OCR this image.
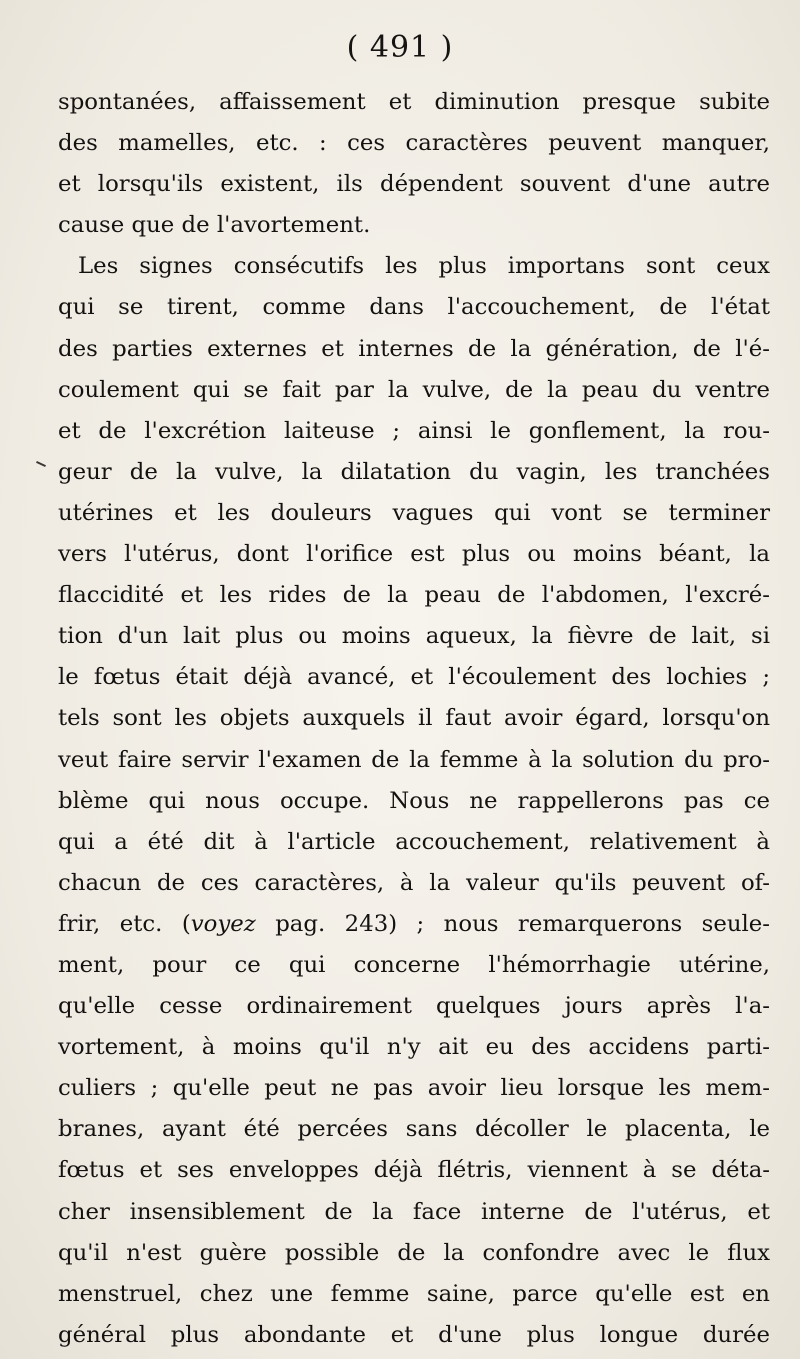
( 491 )
spontanées, affaissement et diminution presque subite
des mamelles, etc. : ces caractères peuvent manquer,
et lorsqu'ils existent, ils dépendent souvent d'une autre
cause que de l'avortement.
Les signes consécutifs les plus importans sont ceux
qui se tirent, comme dans l'accouchement, de l'état
des parties externes et internes de la génération, de l'é-
coulement qui se fait par la vulve, de la peau du ventre
et de l'excrétion laiteuse ; ainsi le gonflement, la rou-
geur de la vulve, la dilatation du vagin, les tranchées
utérines et les douleurs vagues qui vont se terminer
vers l'utérus, dont l'orifice est plus ou moins béant, la
flaccidité et les rides de la peau de l'abdomen, l'excré-
tion d'un lait plus ou moins aqueux, la fièvre de lait, si
le fœtus était déjà avancé, et l'écoulement des lochies ;
tels sont les objets auxquels il faut avoir égard, lorsqu'on
veut faire servir l'examen de la femme à la solution du pro-
blème qui nous occupe. Nous ne rappellerons pas ce
qui a été dit à l'article accouchement, relativement à
chacun de ces caractères, à la valeur qu'ils peuvent of-
frir, etc. (voyez pag. 243) ; nous remarquerons seule-
ment, pour ce qui concerne l'hémorrhagie utérine,
qu'elle cesse ordinairement quelques jours après l'a-
vortement, à moins qu'il n'y ait eu des accidens parti-
culiers ; qu'elle peut ne pas avoir lieu lorsque les mem-
branes, ayant été percées sans décoller le placenta, le
fœtus et ses enveloppes déjà flétris, viennent à se déta-
cher insensiblement de la face interne de l'utérus, et
qu'il n'est guère possible de la confondre avec le flux
menstruel, chez une femme saine, parce qu'elle est en
général plus abondante et d'une plus longue durée
